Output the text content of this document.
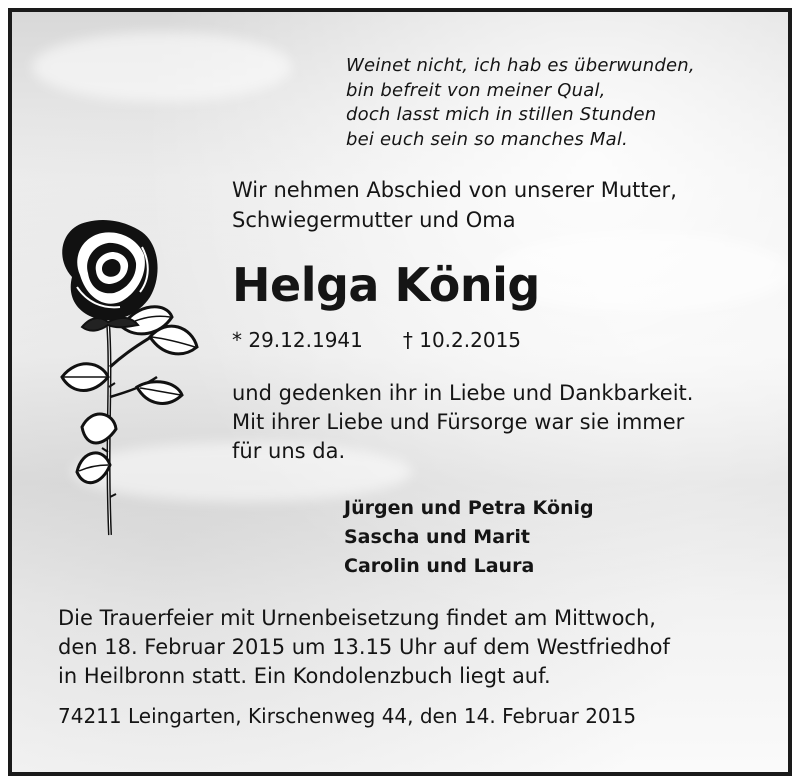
Weinet nicht, ich hab es überwunden,
bin befreit von meiner Qual,
doch lasst mich in stillen Stunden
bei euch sein so manches Mal.
Wir nehmen Abschied von unserer Mutter,
Schwiegermutter und Oma
Helga König
* 29.12.1941 † 10.2.2015
und gedenken ihr in Liebe und Dankbarkeit.
Mit ihrer Liebe und Fürsorge war sie immer
für uns da.
Jürgen und Petra König
Sascha und Marit
Carolin und Laura
Die Trauerfeier mit Urnenbeisetzung findet am Mittwoch,
den 18. Februar 2015 um 13.15 Uhr auf dem Westfriedhof
in Heilbronn statt. Ein Kondolenzbuch liegt auf.
74211 Leingarten, Kirschenweg 44, den 14. Februar 2015
